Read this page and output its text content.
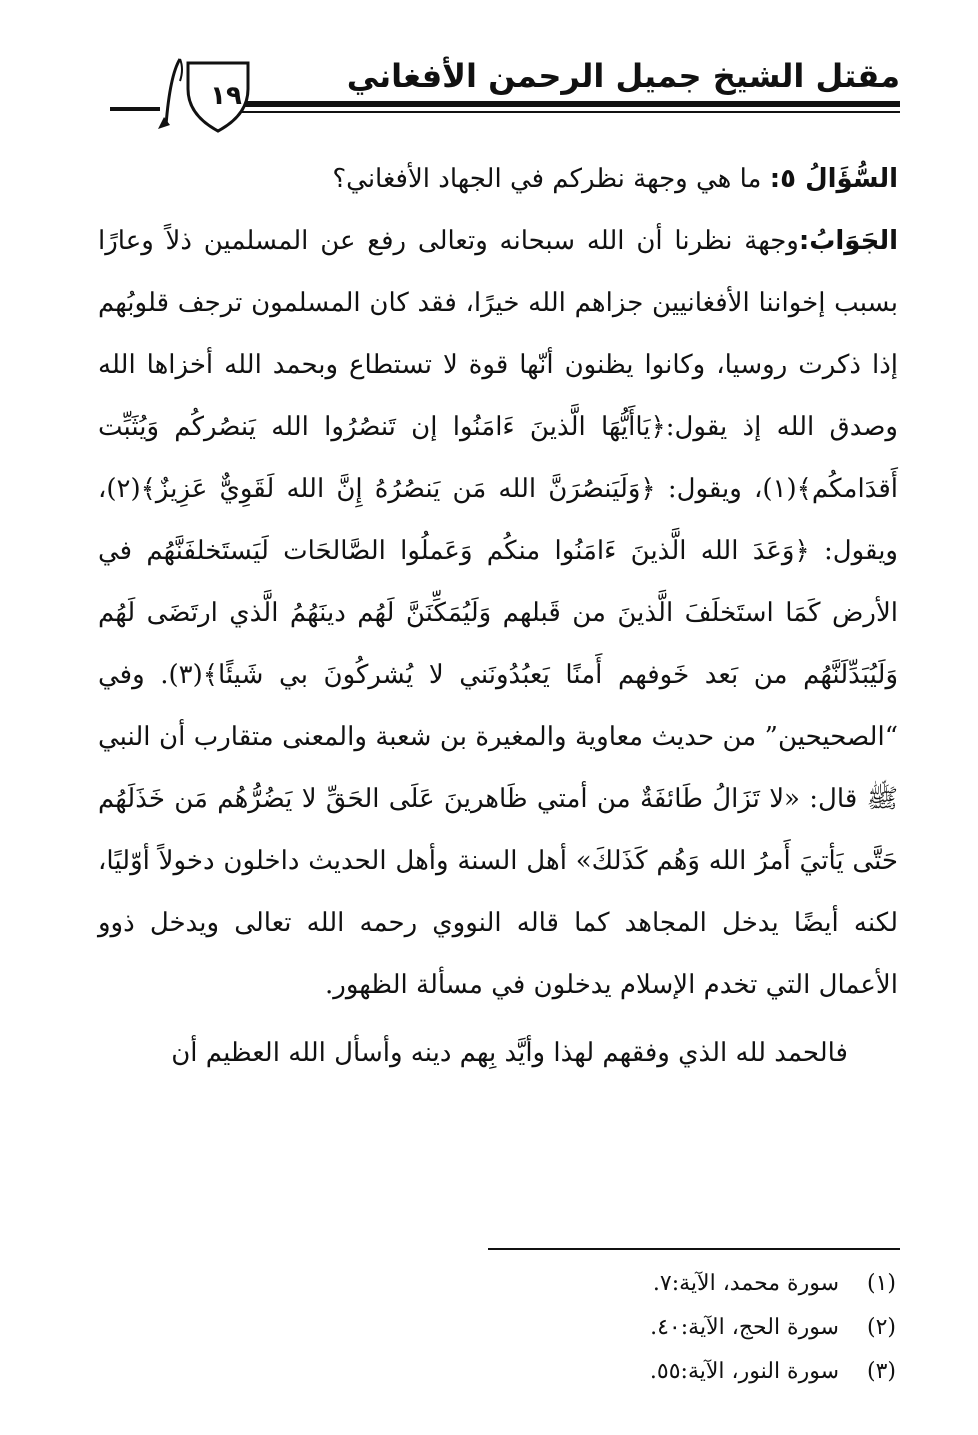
مقتل الشيخ جميل الرحمن الأفغاني
١٩

السُّؤَالُ ٥: ما هي وجهة نظركم في الجهاد الأفغاني؟

الجَوَابُ:وجهة نظرنا أن الله سبحانه وتعالى رفع عن المسلمين ذلاً وعارًا بسبب إخواننا الأفغانيين جزاهم الله خيرًا، فقد كان المسلمون ترجف قلوبُهم إذا ذكرت روسيا، وكانوا يظنون أنّها قوة لا تستطاع وبحمد الله أخزاها الله وصدق الله إذ يقول:﴿يَاأَيُّهَا الَّذينَ ءَامَنُوا إن تَنصُرُوا الله يَنصُركُم وَيُثَبِّت أَقدَامكُم﴾(١)، ويقول: ﴿وَلَيَنصُرَنَّ الله مَن يَنصُرُهُ إِنَّ الله لَقَوِيٌّ عَزِيزٌ﴾(٢)، ويقول: ﴿وَعَدَ الله الَّذينَ ءَامَنُوا منكُم وَعَملُوا الصَّالحَات لَيَستَخلفَنَّهُم في الأرض كَمَا استَخلَفَ الَّذينَ من قَبلهم وَلَيُمَكِّنَنَّ لَهُم دينَهُمُ الَّذي ارتَضَى لَهُم وَلَيُبَدِّلَنَّهُم من بَعد خَوفهم أَمنًا يَعبُدُونَني لا يُشركُونَ بي شَيئًا﴾(٣). وفي “الصحيحين” من حديث معاوية والمغيرة بن شعبة والمعنى متقارب أن النبي ﷺ قال: «لا تَزَالُ طَائفَةٌ من أمتي ظَاهرينَ عَلَى الحَقِّ لا يَضُرُّهُم مَن خَذَلَهُم حَتَّى يَأتيَ أَمرُ الله وَهُم كَذَلكَ» أهل السنة وأهل الحديث داخلون دخولاً أوّليًا، لكنه أيضًا يدخل المجاهد كما قاله النووي رحمه الله تعالى ويدخل ذوو الأعمال التي تخدم الإسلام يدخلون في مسألة الظهور.

فالحمد لله الذي وفقهم لهذا وأيَّد بِهم دينه وأسأل الله العظيم أن

(١) سورة محمد، الآية:٧.
(٢) سورة الحج، الآية:٤٠.
(٣) سورة النور، الآية:٥٥.
